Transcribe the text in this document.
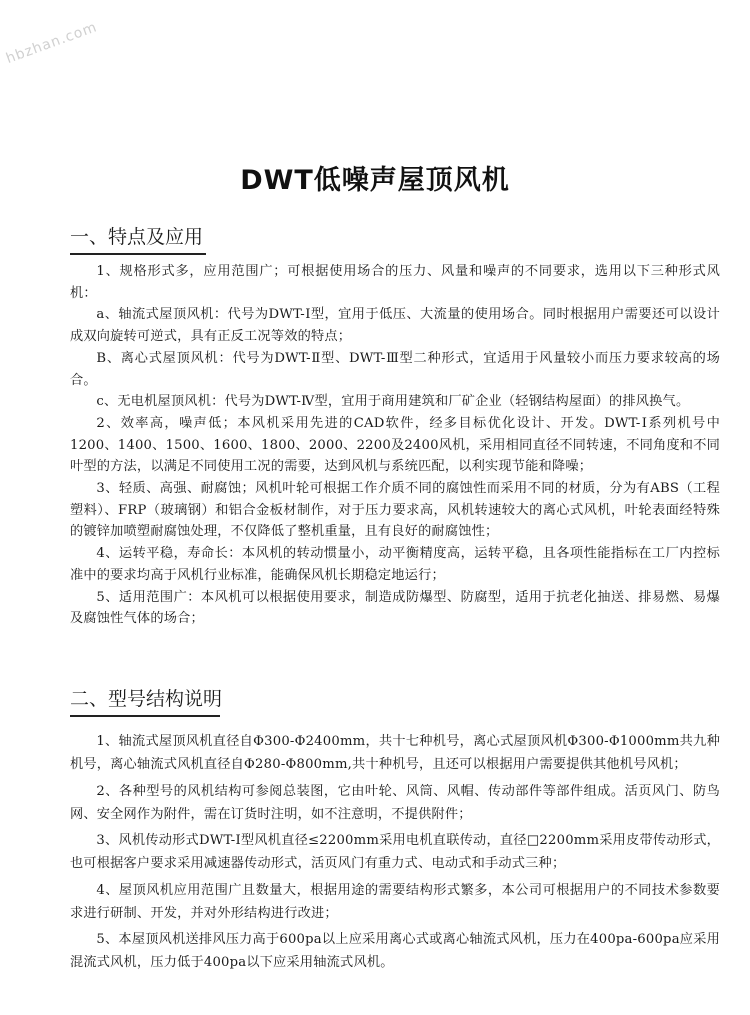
hbzhan.com
DWT低噪声屋顶风机
一、特点及应用

1、规格形式多，应用范围广；可根据使用场合的压力、风量和噪声的不同要求，选用以下三种形式风机：

a、轴流式屋顶风机：代号为DWT-Ⅰ型，宜用于低压、大流量的使用场合。同时根据用户需要还可以设计成双向旋转可逆式，具有正反工况等效的特点；

B、离心式屋顶风机：代号为DWT-Ⅱ型、DWT-Ⅲ型二种形式，宜适用于风量较小而压力要求较高的场合。

c、无电机屋顶风机：代号为DWT-Ⅳ型，宜用于商用建筑和厂矿企业（轻钢结构屋面）的排风换气。

2、效率高，噪声低；本风机采用先进的CAD软件，经多目标优化设计、开发。DWT-Ⅰ系列机号中1200、1400、1500、1600、1800、2000、2200及2400风机，采用相同直径不同转速，不同角度和不同叶型的方法，以满足不同使用工况的需要，达到风机与系统匹配，以利实现节能和降噪；

3、轻质、高强、耐腐蚀；风机叶轮可根据工作介质不同的腐蚀性而采用不同的材质，分为有ABS（工程塑料）、FRP（玻璃钢）和铝合金板材制作，对于压力要求高，风机转速较大的离心式风机，叶轮表面经特殊的镀锌加喷塑耐腐蚀处理，不仅降低了整机重量，且有良好的耐腐蚀性；

4、运转平稳，寿命长：本风机的转动惯量小，动平衡精度高，运转平稳，且各项性能指标在工厂内控标准中的要求均高于风机行业标准，能确保风机长期稳定地运行；

5、适用范围广：本风机可以根据使用要求，制造成防爆型、防腐型，适用于抗老化抽送、排易燃、易爆及腐蚀性气体的场合；

二、型号结构说明

1、轴流式屋顶风机直径自Φ300-Φ2400mm，共十七种机号，离心式屋顶风机Φ300-Φ1000mm共九种机号，离心轴流式风机直径自Φ280-Φ800mm,共十种机号，且还可以根据用户需要提供其他机号风机；

2、各种型号的风机结构可参阅总装图，它由叶轮、风筒、风帽、传动部件等部件组成。活页风门、防鸟网、安全网作为附件，需在订货时注明，如不注意明，不提供附件；

3、风机传动形式DWT-Ⅰ型风机直径≤2200mm采用电机直联传动，直径□2200mm采用皮带传动形式，也可根据客户要求采用减速器传动形式，活页风门有重力式、电动式和手动式三种；

4、屋顶风机应用范围广且数量大，根据用途的需要结构形式繁多，本公司可根据用户的不同技术参数要求进行研制、开发，并对外形结构进行改进；

5、本屋顶风机送排风压力高于600pa以上应采用离心式或离心轴流式风机，压力在400pa-600pa应采用混流式风机，压力低于400pa以下应采用轴流式风机。
